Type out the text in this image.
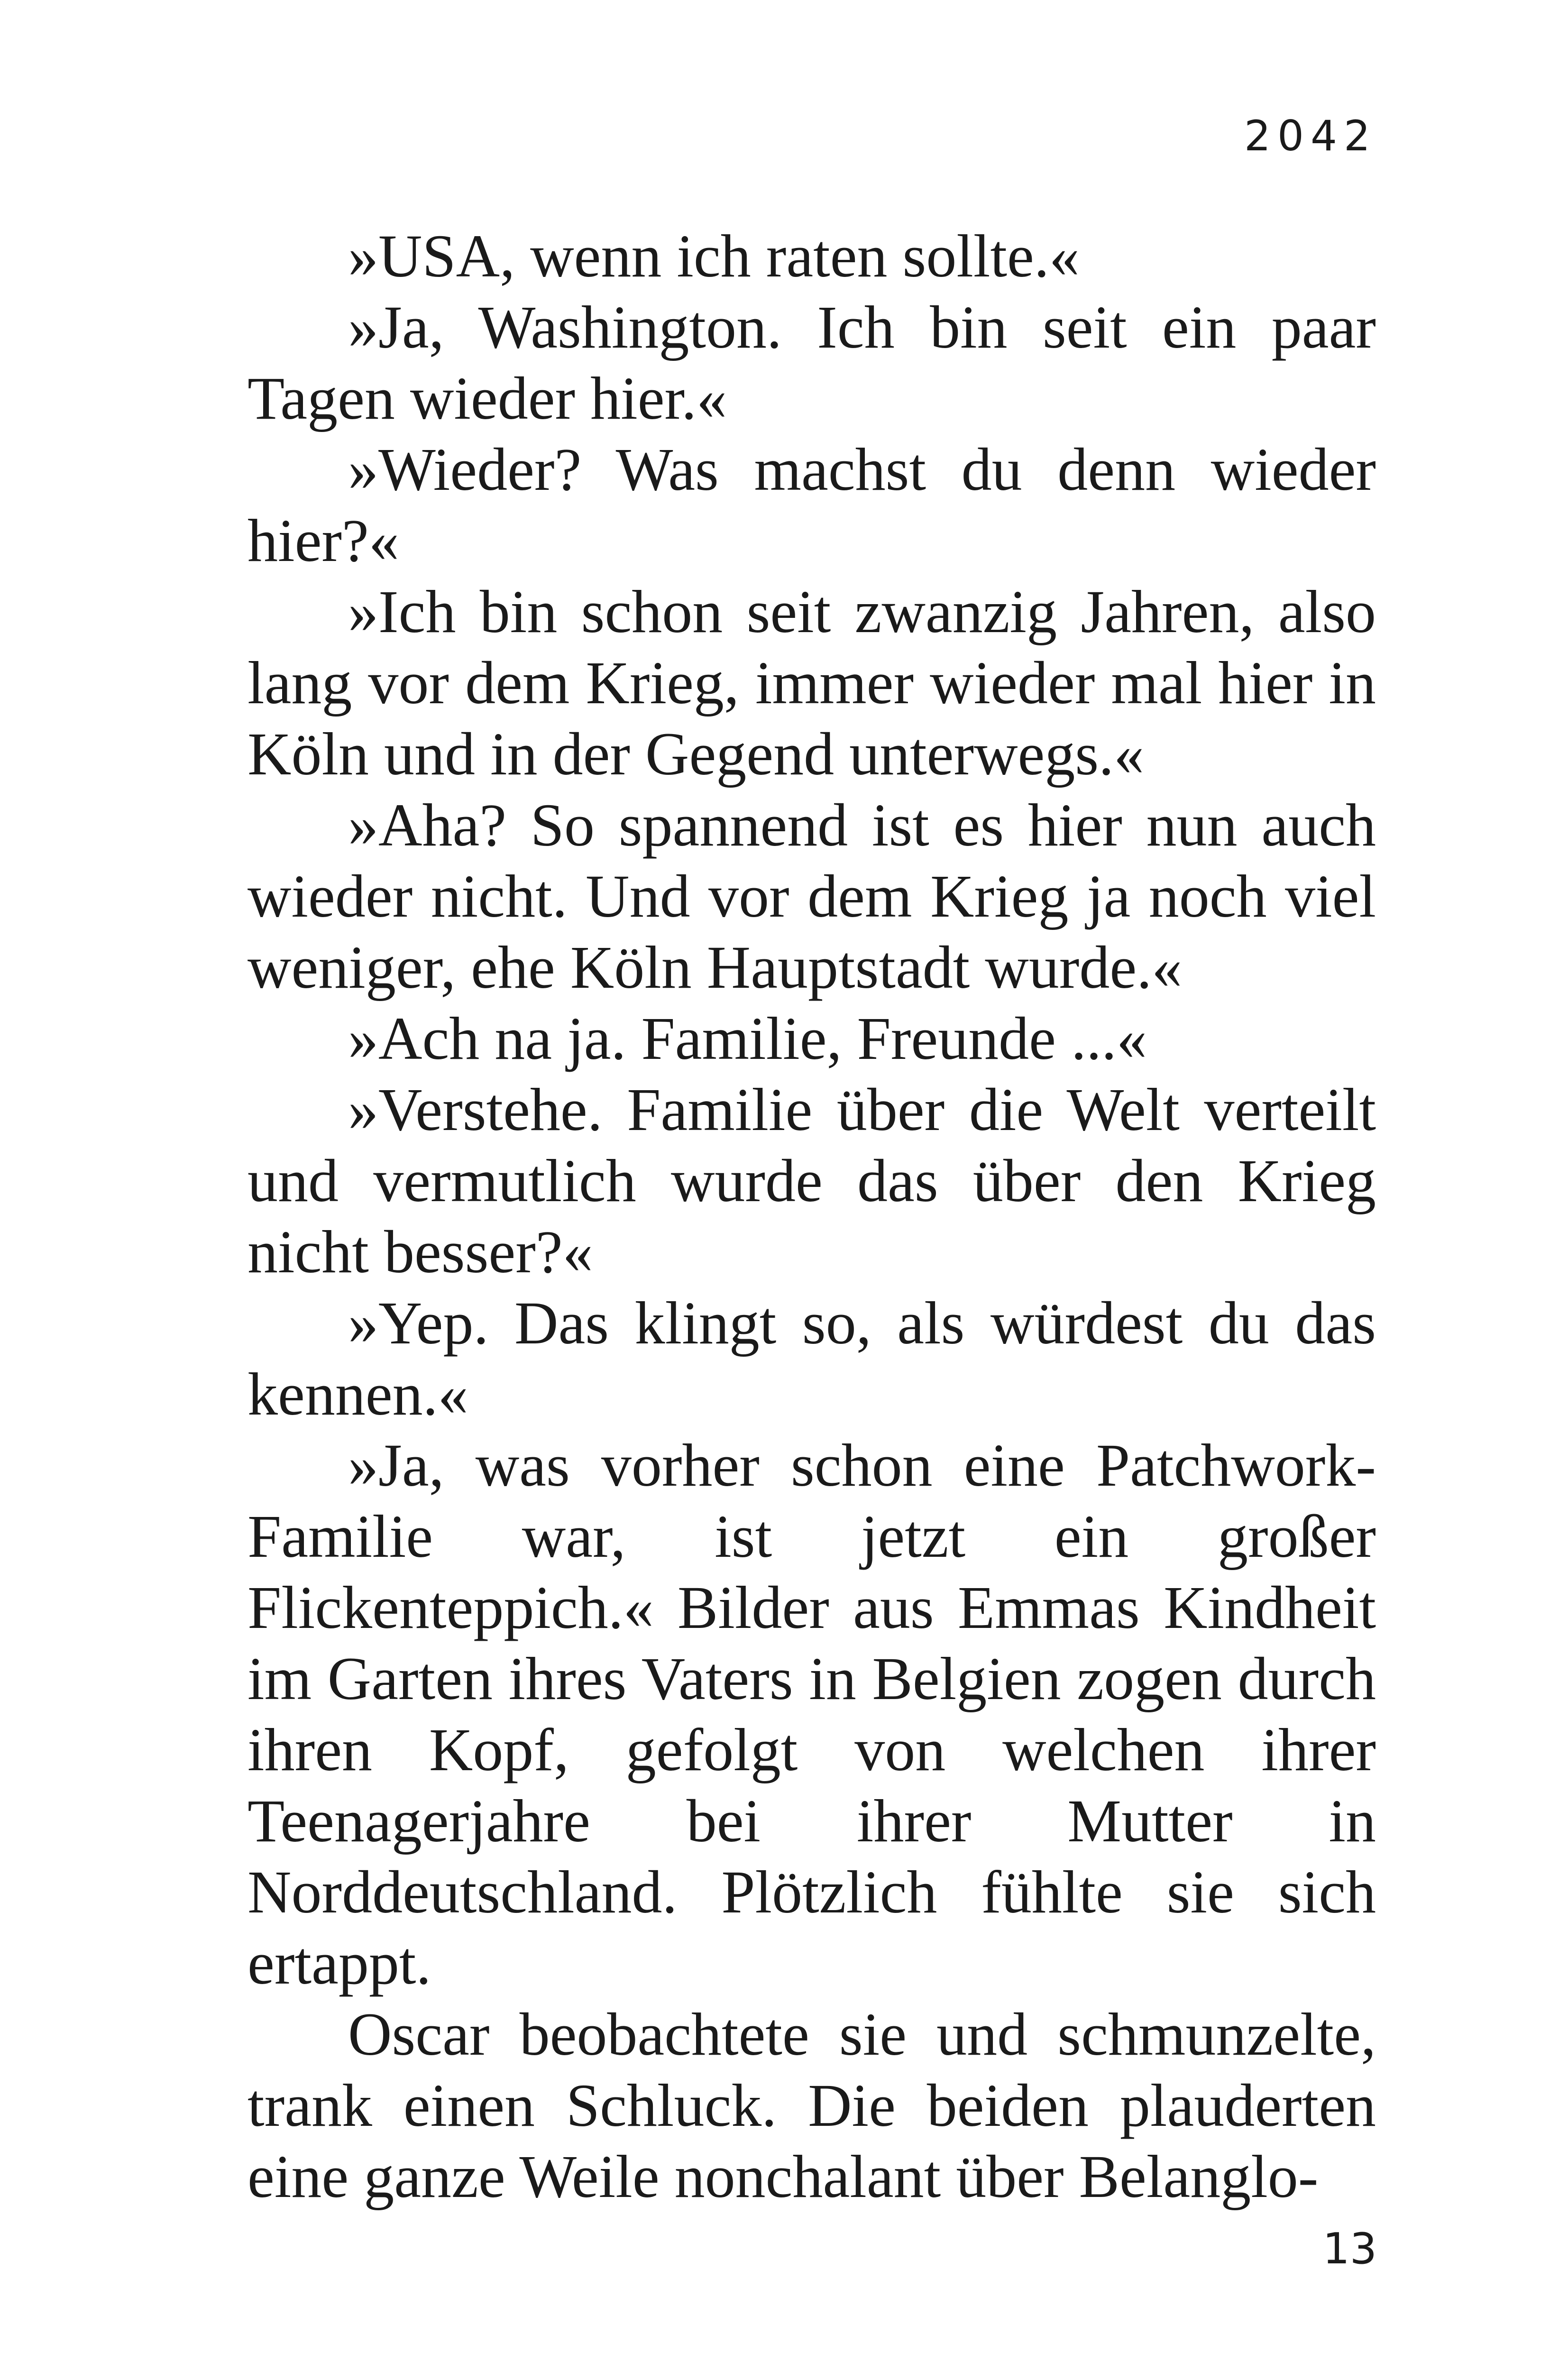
2042

»USA, wenn ich raten sollte.«

»Ja, Washington. Ich bin seit ein paar Tagen wieder hier.«

»Wieder? Was machst du denn wieder hier?«

»Ich bin schon seit zwanzig Jahren, also lang vor dem Krieg, immer wieder mal hier in Köln und in der Gegend unterwegs.«

»Aha? So spannend ist es hier nun auch wieder nicht. Und vor dem Krieg ja noch viel weniger, ehe Köln Hauptstadt wurde.«

»Ach na ja. Familie, Freunde ...«

»Verstehe. Familie über die Welt verteilt und vermutlich wurde das über den Krieg nicht besser?«

»Yep. Das klingt so, als würdest du das kennen.«

»Ja, was vorher schon eine Patchwork-Familie war, ist jetzt ein großer Flickenteppich.« Bilder aus Emmas Kindheit im Garten ihres Vaters in Belgien zogen durch ihren Kopf, gefolgt von welchen ihrer Teenagerjahre bei ihrer Mutter in Norddeutschland. Plötzlich fühlte sie sich ertappt.

Oscar beobachtete sie und schmunzelte, trank einen Schluck. Die beiden plauderten eine ganze Weile nonchalant über Belanglo-

13
